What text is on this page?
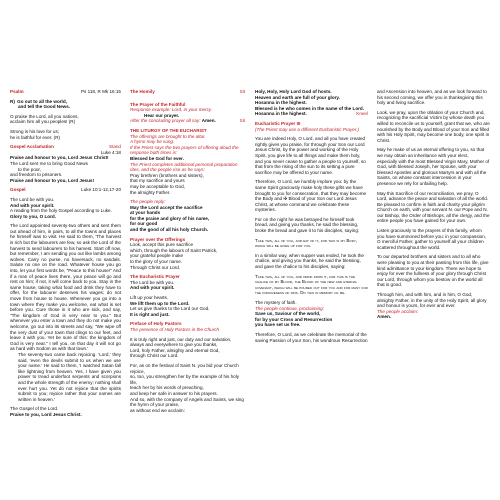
Psalm	Ps 118, R Mk 16:15

R) Go out to all the world,

and tell the Good News.

O praise the Lord, all you nations,

acclaim him all you peoples! (R)

Strong is his love for us;

he is faithful for ever. (R)

Gospel Acclamation	Stand

Luke 4:18

Praise and honour to you, Lord Jesus Christ!

The Lord sent me to bring Good News

to the poor,

and freedom to prisoners.

Praise and honour to you, Lord Jesus!

Gospel	Luke 10:1-12,17-20

The Lord be with you.

And with your spirit.

A reading from the holy Gospel according to Luke.

Glory to you, O Lord.

The Lord appointed seventy-two others and sent them out ahead of him, in pairs, to all the towns and places he himself was to visit. He said to them, 'The harvest is rich but the labourers are few, so ask the Lord of the harvest to send labourers to his harvest. Start off now, but remember, I am sending you out like lambs among wolves. Carry no purse, no haversack, no sandals. Salute no one on the road. Whatever house you go into, let your first words be, "Peace to this house!" And if a man of peace lives there, your peace will go and rest on him; if not, it will come back to you. Stay in the same house, taking what food and drink they have to offer, for the labourer deserves his wages; do not move from house to house. Whenever you go into a town where they make you welcome, eat what is set before you. Cure those in it who are sick, and say, "The kingdom of God is very near to you." But whenever you enter a town and they do not make you welcome, go out into its streets and say, "We wipe off the very dust of your town that clings to our feet, and leave it with you. Yet be sure of this: the kingdom of God is very near." I tell you, on that day it will not go as hard with Sodom as with that town.'

The seventy-two came back rejoicing. 'Lord,' they said, 'even the devils submit to us when we use your name.' He said to them, 'I watched Satan fall like lightning from heaven. Yes, I have given you power to tread underfoot serpents and scorpions and the whole strength of the enemy; nothing shall ever hurt you. Yet do not rejoice that the spirits submit to you; rejoice rather that your names are written in heaven.'

The Gospel of the Lord.

Praise to you, Lord Jesus Christ.

The Homily	Sit

The Prayer of the Faithful

Response example: Lord, in your mercy.

Hear our prayer.

After the concluding prayer all say: Amen.	Sit

THE LITURGY OF THE EUCHARIST

The offerings are brought to the altar.

A hymn may be sung.

If the Priest says the two prayers of offering aloud the response both times is:

Blessed be God for ever.

The Priest completes additional personal preparation rites, and the people rise as he says:

Pray brethren (brothers and sisters),

that my sacrifice and yours

may be acceptable to God,

the almighty Father.

The people reply:

May the Lord accept the sacrifice

at your hands

for the praise and glory of his name,

for our good

and the good of all his holy Church.

Prayer over the Offerings

Look, accept this pure sacrifice

which, through the labours of Saint Patrick,

your grateful people make

to the glory of your name.

Through Christ our Lord.

The Eucharistic Prayer

The Lord be with you.

And with your spirit.

Lift up your hearts.

We lift them up to the Lord.

Let us give thanks to the Lord our God.

It is right and just.

Preface of Holy Pastors

The presence of Holy Pastors in the Church

It is truly right and just, our duty and our salvation,

always and everywhere to give you thanks,

Lord, holy Father, almighty and eternal God,

through Christ our Lord.

For, as on the festival of Saint N. you bid your Church rejoice,

so, too, you strengthen her by the example of his holy life,

teach her by his words of preaching,

and keep her safe in answer to his prayers.

And so, with the company of Angels and Saints, we sing the hymn of your praise,

as without end we acclaim:

Holy, Holy, Holy Lord God of hosts.

Heaven and earth are full of your glory.

Hosanna in the highest.

Blessed is he who comes in the name of the Lord.

Hosanna in the highest.	Kneel

Eucharistic Prayer III

(The Priest may use a different Eucharistic Prayer.)

You are indeed Holy, O Lord, and all you have created rightly gives you praise, for through your Son our Lord Jesus Christ, by the power and working of the Holy Spirit, you give life to all things and make them holy, and you never cease to gather a people to yourself, so that from the rising of the sun to its setting a pure sacrifice may be offered to your name.

Therefore, O Lord, we humbly implore you: by the same Spirit graciously make holy these gifts we have brought to you for consecration, that they may become the Body and ✠ Blood of your Son our Lord Jesus Christ, at whose command we celebrate these mysteries.

For on the night he was betrayed he himself took bread, and giving you thanks, he said the blessing, broke the bread and gave it to his disciples, saying:

Take this, all of you, and eat of it, for this is my Body, which will be given up for you.

In a similar way, when supper was ended, he took the chalice, and giving you thanks, he said the blessing, and gave the chalice to his disciples, saying:

Take this, all of you, and drink from it, for this is the chalice of my Blood, the Blood of the new and eternal covenant, which will be poured out for you and for many for the forgiveness of sins. Do this in memory of me.

The mystery of faith.

The people continue, proclaiming:

Save us, Saviour of the world,

for by your Cross and Resurrection

you have set us free.

Therefore, O Lord, as we celebrate the memorial of the saving Passion of your Son, his wondrous Resurrection

and Ascension into heaven, and as we look forward to his second coming, we offer you in thanksgiving this holy and living sacrifice.

Look, we pray, upon the oblation of your Church and, recognizing the sacrificial Victim by whose death you willed to reconcile us to yourself, grant that we, who are nourished by the Body and Blood of your Son and filled with his Holy Spirit, may become one body, one spirit in Christ.

May he make of us an eternal offering to you, so that we may obtain an inheritance with your elect, especially with the most Blessed Virgin Mary, Mother of God, with blessed Joseph, her Spouse, with your blessed Apostles and glorious Martyrs and with all the Saints, on whose constant intercession in your presence we rely for unfailing help.

May this Sacrifice of our reconciliation, we pray, O Lord, advance the peace and salvation of all the world. Be pleased to confirm in faith and charity your pilgrim Church on earth, with your servant N. our Pope and N. our Bishop, the Order of Bishops, all the clergy, and the entire people you have gained for your own.

Listen graciously to the prayers of this family, whom you have summoned before you: in your compassion, O merciful Father, gather to yourself all your children scattered throughout the world.

To our departed brothers and sisters and to all who were pleasing to you at their passing from this life, give kind admittance to your kingdom. There we hope to enjoy for ever the fullness of your glory through Christ our Lord, through whom you bestow on the world all that is good.

Through him, and with him, and in him, O God, almighty Father, in the unity of the Holy Spirit, all glory and honour is yours, for ever and ever.

The people acclaim:

Amen.
